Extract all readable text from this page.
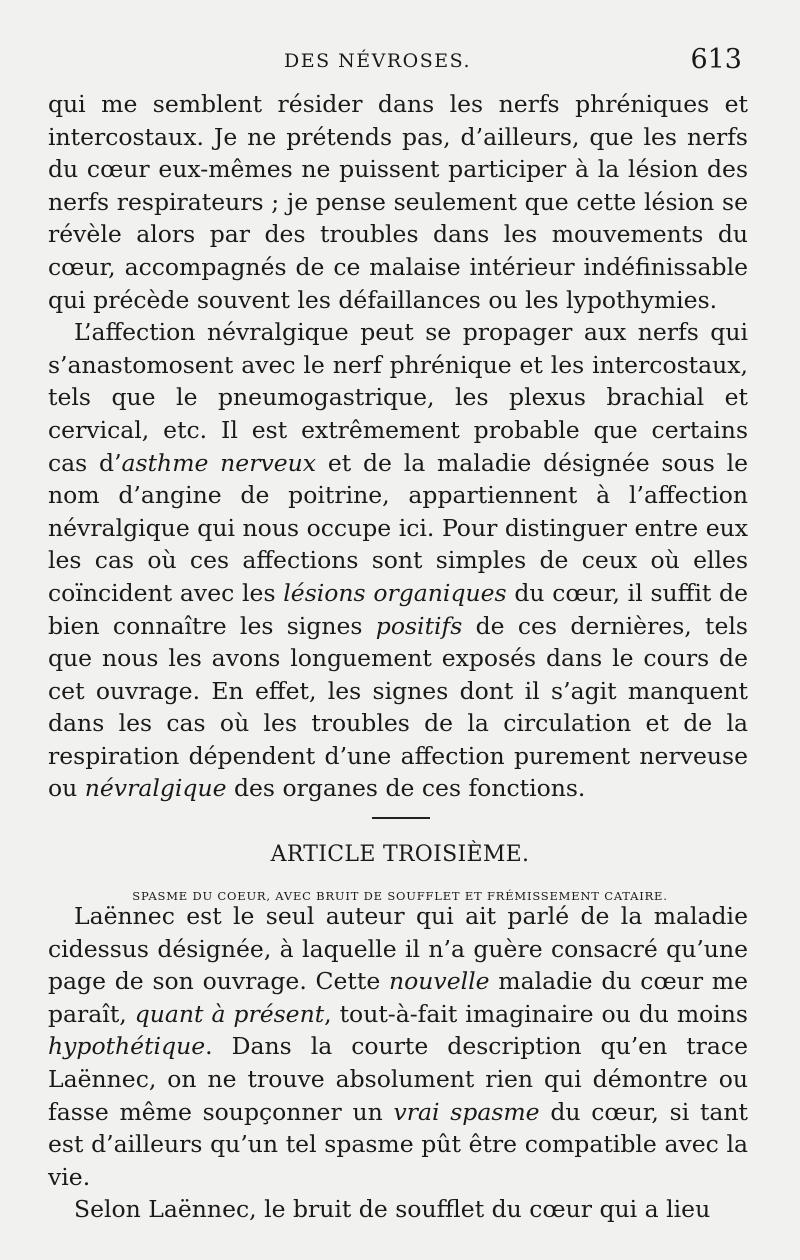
DES NÉVROSES.	613

qui me semblent résider dans les nerfs phréniques et intercostaux. Je ne prétends pas, d’ailleurs, que les nerfs du cœur eux-mêmes ne puissent participer à la lésion des nerfs respirateurs ; je pense seulement que cette lésion se révèle alors par des troubles dans les mouvements du cœur, accompagnés de ce malaise intérieur indéfinissable qui précède souvent les défaillances ou les lypothymies.

L’affection névralgique peut se propager aux nerfs qui s’anastomosent avec le nerf phrénique et les intercostaux, tels que le pneumogastrique, les plexus brachial et cervical, etc. Il est extrêmement probable que certains cas d’asthme nerveux et de la maladie désignée sous le nom d’angine de poitrine, appartiennent à l’affection névralgique qui nous occupe ici. Pour distinguer entre eux les cas où ces affections sont simples de ceux où elles coïncident avec les lésions organiques du cœur, il suffit de bien connaître les signes positifs de ces dernières, tels que nous les avons longuement exposés dans le cours de cet ouvrage. En effet, les signes dont il s’agit manquent dans les cas où les troubles de la circulation et de la respiration dépendent d’une affection purement nerveuse ou névralgique des organes de ces fonctions.

ARTICLE TROISIÈME.
SPASME DU COEUR, AVEC BRUIT DE SOUFFLET ET FRÉMISSEMENT CATAIRE.

Laënnec est le seul auteur qui ait parlé de la maladie cidessus désignée, à laquelle il n’a guère consacré qu’une page de son ouvrage. Cette nouvelle maladie du cœur me paraît, quant à présent, tout-à-fait imaginaire ou du moins hypothétique. Dans la courte description qu’en trace Laënnec, on ne trouve absolument rien qui démontre ou fasse même soupçonner un vrai spasme du cœur, si tant est d’ailleurs qu’un tel spasme pût être compatible avec la vie.

Selon Laënnec, le bruit de soufflet du cœur qui a lieu
